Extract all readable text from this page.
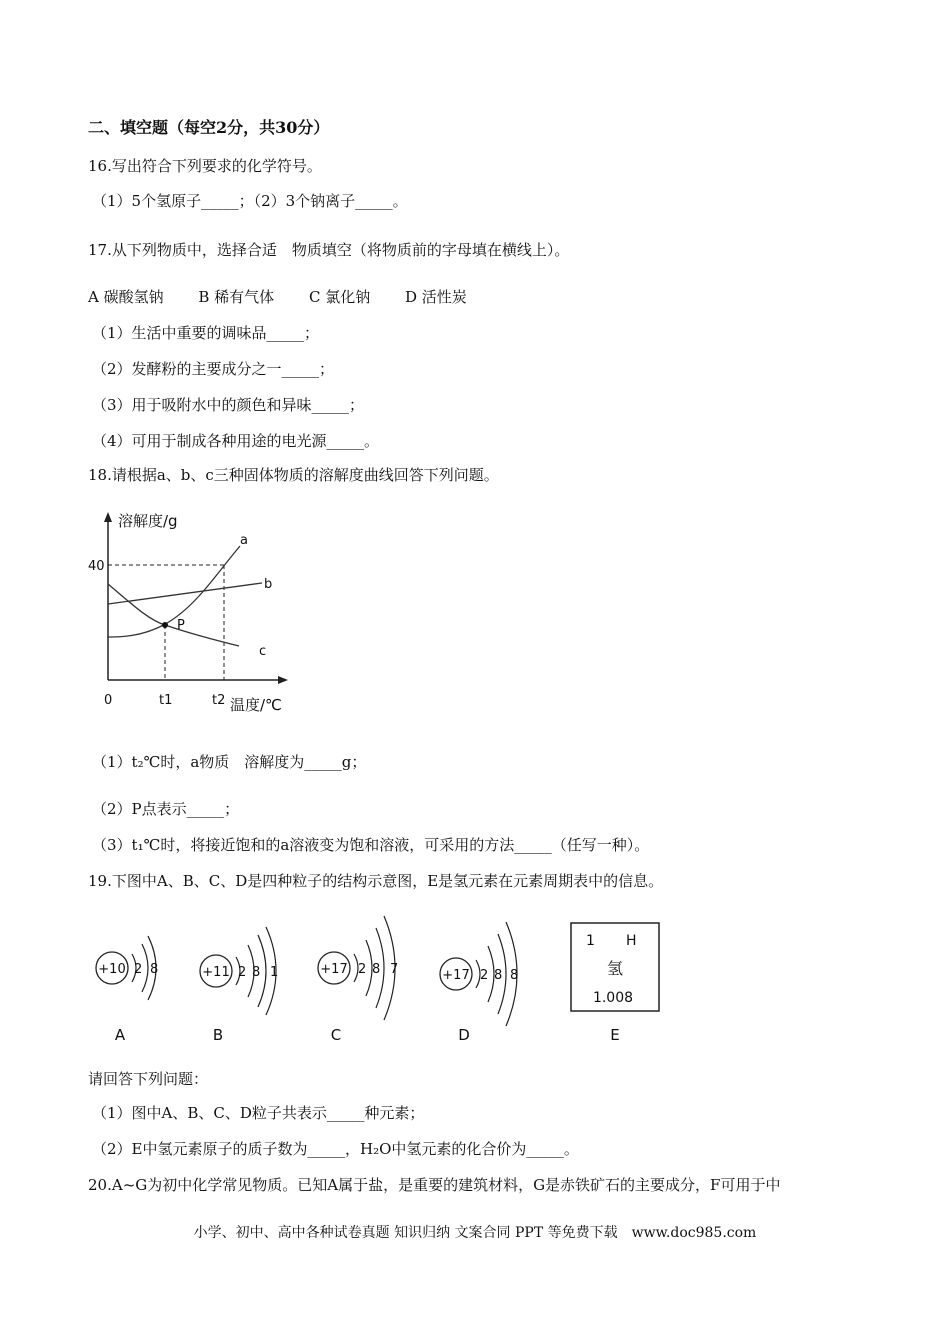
二、填空题（每空2分，共30分）
16.写出符合下列要求的化学符号。
（1）5个氢原子_____；（2）3个钠离子_____。
17.从下列物质中，选择合适　物质填空（将物质前的字母填在横线上）。
A 碳酸氢钠 B 稀有气体 C 氯化钠 D 活性炭
（1）生活中重要的调味品_____；
（2）发酵粉的主要成分之一_____；
（3）用于吸附水中的颜色和异味_____；
（4）可用于制成各种用途的电光源_____。
18.请根据a、b、c三种固体物质的溶解度曲线回答下列问题。
溶解度/g
温度/℃
40
0	t1	t2
P
a
b
c
（1）t₂℃时，a物质　溶解度为_____g；
（2）P点表示_____；
（3）t₁℃时，将接近饱和的a溶液变为饱和溶液，可采用的方法_____（任写一种）。
19.下图中A、B、C、D是四种粒子的结构示意图，E是氢元素在元素周期表中的信息。
+10 2 8
A
+11 2 8 1
B
+17 2 8 7
C
+17 2 8 8
D
1 H
氢
1.008
E
请回答下列问题：
（1）图中A、B、C、D粒子共表示_____种元素；
（2）E中氢元素原子的质子数为_____，H₂O中氢元素的化合价为_____。
20.A~G为初中化学常见物质。已知A属于盐，是重要的建筑材料，G是赤铁矿石的主要成分，F可用于中
小学、初中、高中各种试卷真题 知识归纳 文案合同 PPT 等免费下载　www.doc985.com
